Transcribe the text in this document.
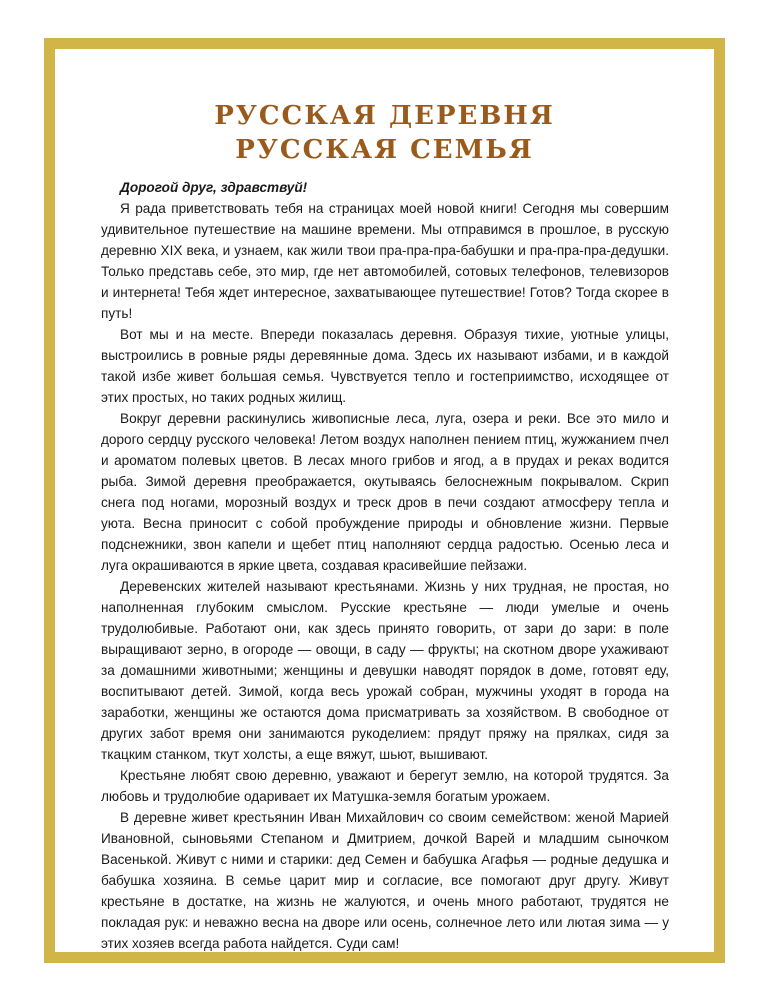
РУССКАЯ ДЕРЕВНЯ
РУССКАЯ СЕМЬЯ

Дорогой друг, здравствуй!

Я рада приветствовать тебя на страницах моей новой книги! Сегодня мы совершим удивительное путешествие на машине времени. Мы отправимся в прошлое, в русскую деревню XIX века, и узнаем, как жили твои пра-пра-пра-бабушки и пра-пра-пра-дедушки. Только представь себе, это мир, где нет автомобилей, сотовых телефонов, телевизоров и интернета! Тебя ждет интересное, захватывающее путешествие! Готов? Тогда скорее в путь!

Вот мы и на месте. Впереди показалась деревня. Образуя тихие, уютные улицы, выстроились в ровные ряды деревянные дома. Здесь их называют избами, и в каждой такой избе живет большая семья. Чувствуется тепло и гостеприимство, исходящее от этих простых, но таких родных жилищ.

Вокруг деревни раскинулись живописные леса, луга, озера и реки. Все это мило и дорого сердцу русского человека! Летом воздух наполнен пением птиц, жужжанием пчел и ароматом полевых цветов. В лесах много грибов и ягод, а в прудах и реках водится рыба. Зимой деревня преображается, окутываясь белоснежным покрывалом. Скрип снега под ногами, морозный воздух и треск дров в печи создают атмосферу тепла и уюта. Весна приносит с собой пробуждение природы и обновление жизни. Первые подснежники, звон капели и щебет птиц наполняют сердца радостью. Осенью леса и луга окрашиваются в яркие цвета, создавая красивейшие пейзажи.

Деревенских жителей называют крестьянами. Жизнь у них трудная, не простая, но наполненная глубоким смыслом. Русские крестьяне — люди умелые и очень трудолюбивые. Работают они, как здесь принято говорить, от зари до зари: в поле выращивают зерно, в огороде — овощи, в саду — фрукты; на скотном дворе ухаживают за домашними животными; женщины и девушки наводят порядок в доме, готовят еду, воспитывают детей. Зимой, когда весь урожай собран, мужчины уходят в города на заработки, женщины же остаются дома присматривать за хозяйством. В свободное от других забот время они занимаются рукоделием: прядут пряжу на прялках, сидя за ткацким станком, ткут холсты, а еще вяжут, шьют, вышивают.

Крестьяне любят свою деревню, уважают и берегут землю, на которой трудятся. За любовь и трудолюбие одаривает их Матушка-земля богатым урожаем.

В деревне живет крестьянин Иван Михайлович со своим семейством: женой Марией Ивановной, сыновьями Степаном и Дмитрием, дочкой Варей и младшим сыночком Васенькой. Живут с ними и старики: дед Семен и бабушка Агафья — родные дедушка и бабушка хозяина. В семье царит мир и согласие, все помогают друг другу. Живут крестьяне в достатке, на жизнь не жалуются, и очень много работают, трудятся не покладая рук: и неважно весна на дворе или осень, солнечное лето или лютая зима — у этих хозяев всегда работа найдется. Суди сам!
